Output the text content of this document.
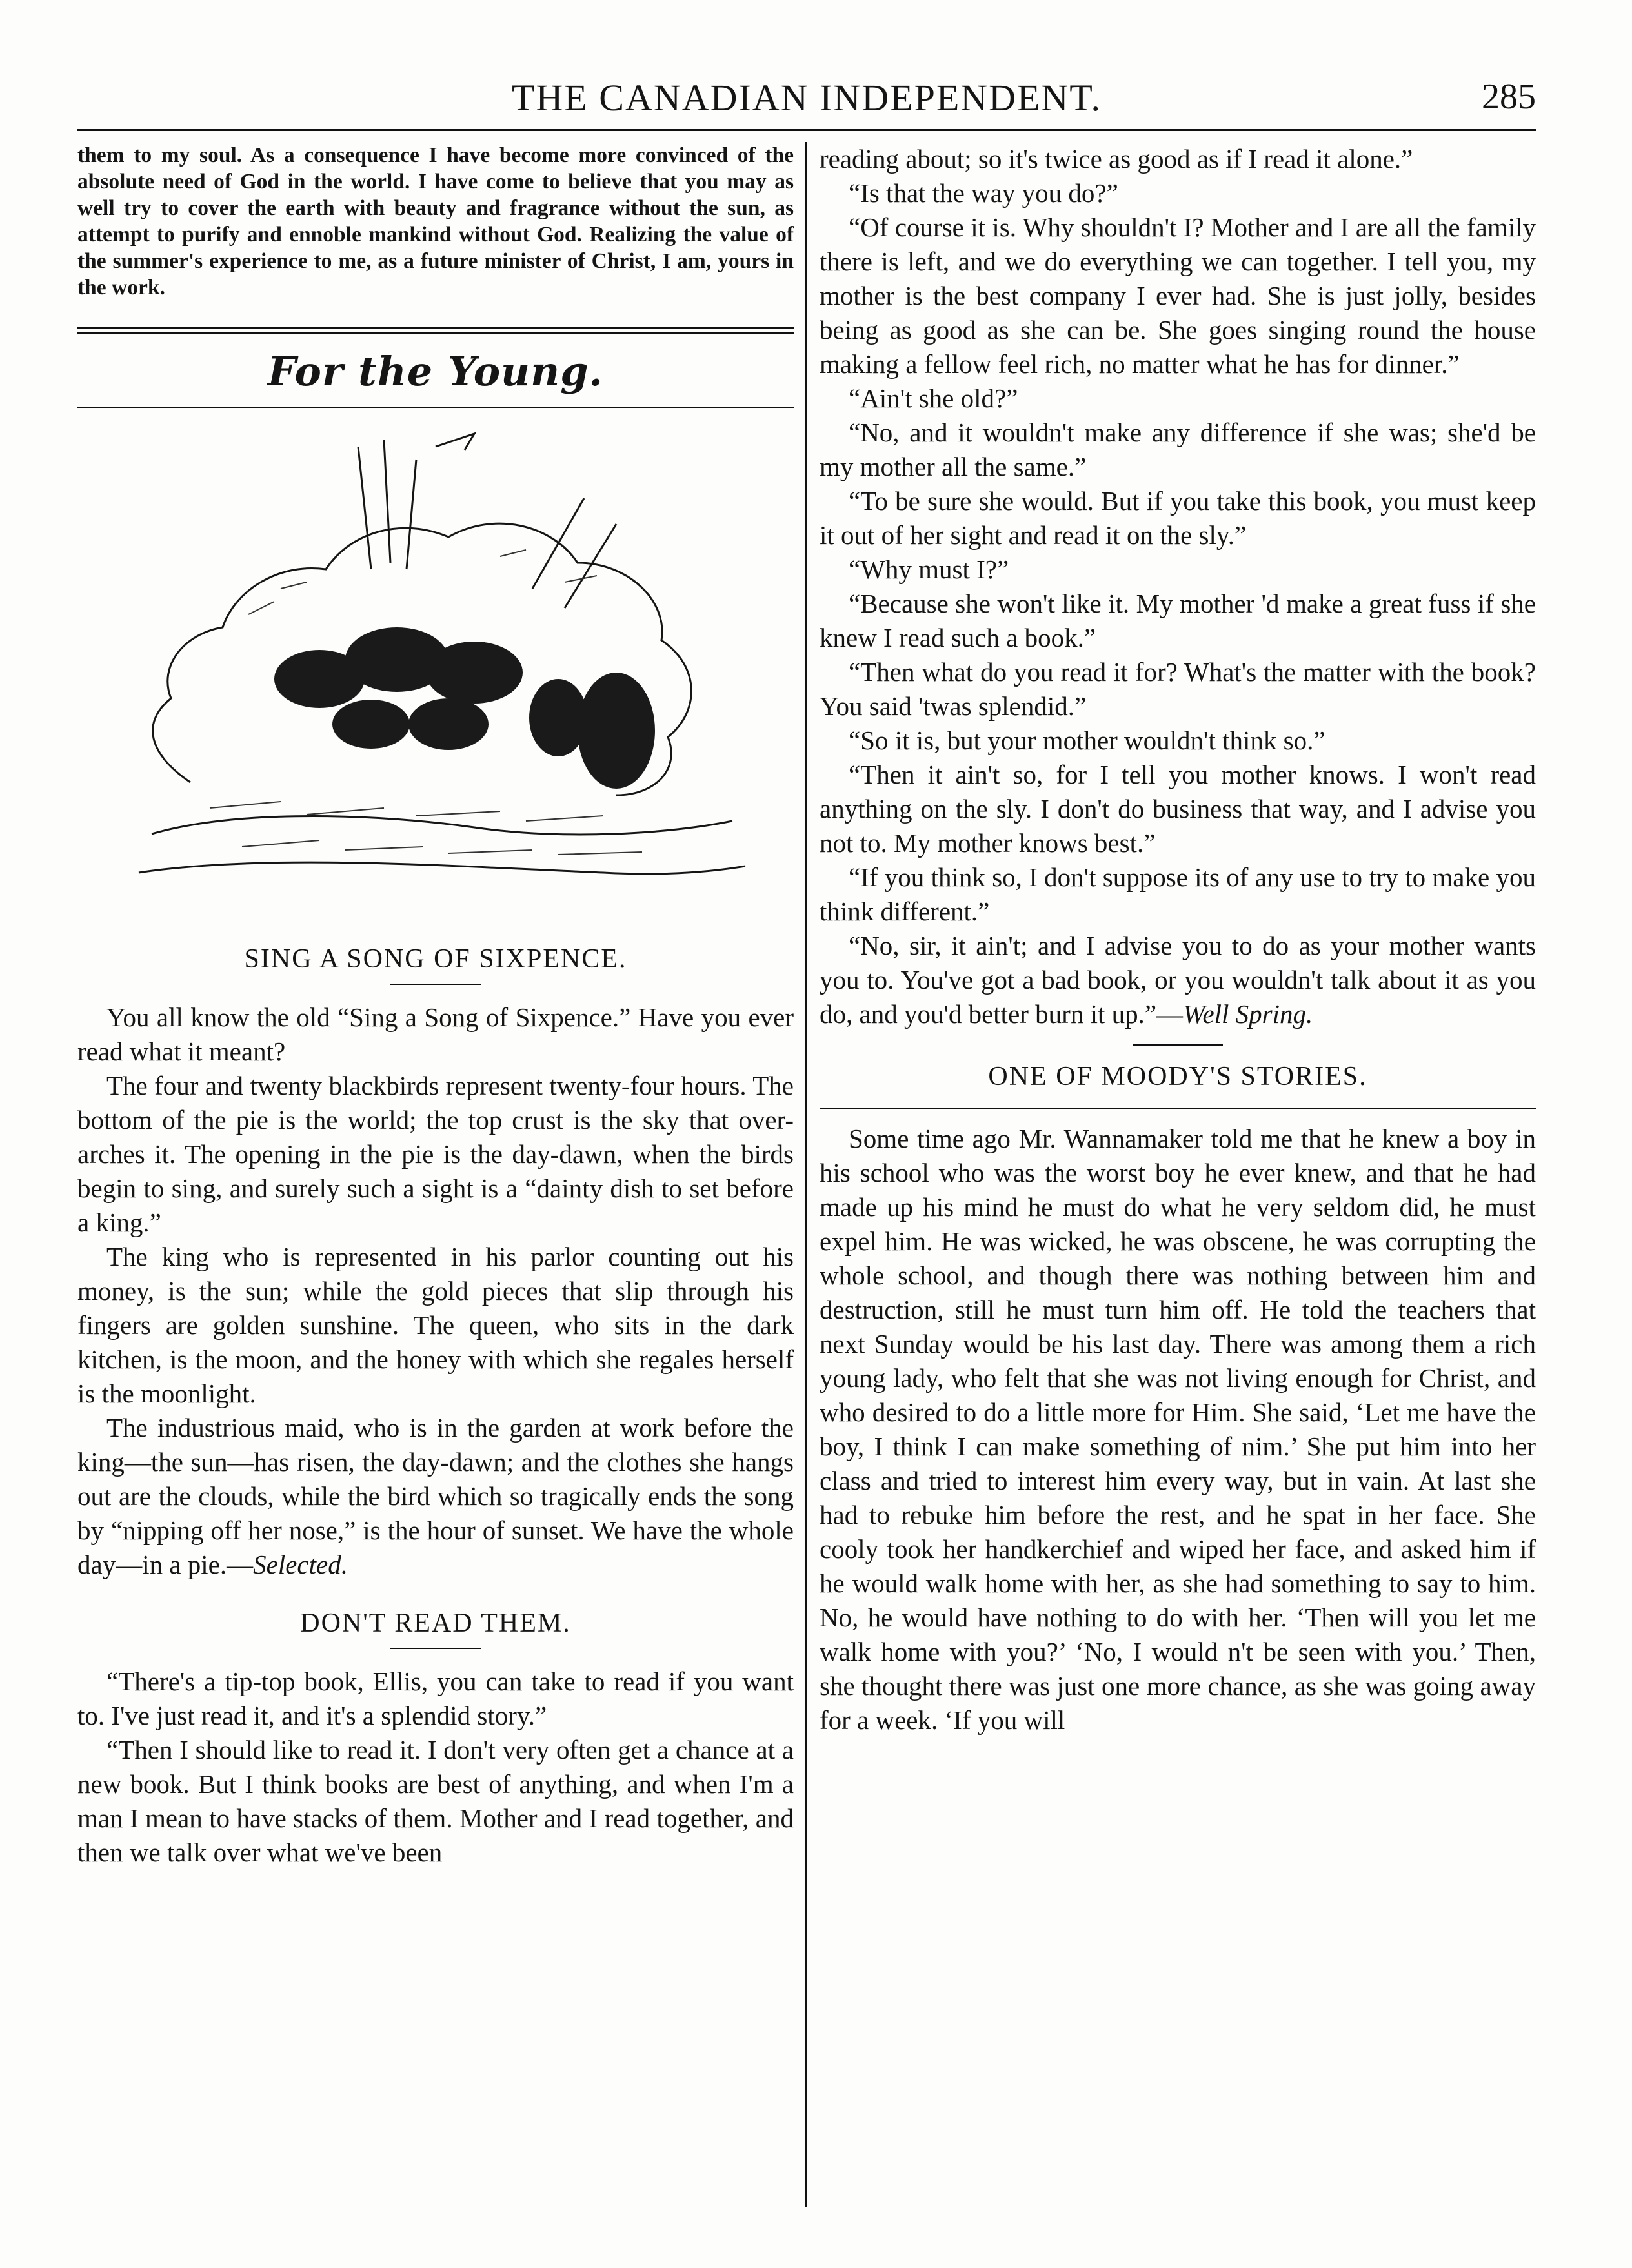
THE CANADIAN INDEPENDENT.	285

them to my soul. As a consequence I have become more convinced of the absolute need of God in the world. I have come to believe that you may as well try to cover the earth with beauty and fragrance without the sun, as attempt to purify and ennoble mankind without God. Realizing the value of the summer's experience to me, as a future minister of Christ, I am, yours in the work.

For the Young.
SING A SONG OF SIXPENCE.

You all know the old “Sing a Song of Sixpence.” Have you ever read what it meant?

The four and twenty blackbirds represent twenty-four hours. The bottom of the pie is the world; the top crust is the sky that over-arches it. The opening in the pie is the day-dawn, when the birds begin to sing, and surely such a sight is a “dainty dish to set before a king.”

The king who is represented in his parlor counting out his money, is the sun; while the gold pieces that slip through his fingers are golden sunshine. The queen, who sits in the dark kitchen, is the moon, and the honey with which she regales herself is the moonlight.

The industrious maid, who is in the garden at work before the king—the sun—has risen, the day-dawn; and the clothes she hangs out are the clouds, while the bird which so tragically ends the song by “nipping off her nose,” is the hour of sunset. We have the whole day—in a pie.—Selected.

DON'T READ THEM.

“There's a tip-top book, Ellis, you can take to read if you want to. I've just read it, and it's a splendid story.”

“Then I should like to read it. I don't very often get a chance at a new book. But I think books are best of anything, and when I'm a man I mean to have stacks of them. Mother and I read together, and then we talk over what we've been

reading about; so it's twice as good as if I read it alone.”

“Is that the way you do?”

“Of course it is. Why shouldn't I? Mother and I are all the family there is left, and we do everything we can together. I tell you, my mother is the best company I ever had. She is just jolly, besides being as good as she can be. She goes singing round the house making a fellow feel rich, no matter what he has for dinner.”

“Ain't she old?”

“No, and it wouldn't make any difference if she was; she'd be my mother all the same.”

“To be sure she would. But if you take this book, you must keep it out of her sight and read it on the sly.”

“Why must I?”

“Because she won't like it. My mother 'd make a great fuss if she knew I read such a book.”

“Then what do you read it for? What's the matter with the book? You said 'twas splendid.”

“So it is, but your mother wouldn't think so.”

“Then it ain't so, for I tell you mother knows. I won't read anything on the sly. I don't do business that way, and I advise you not to. My mother knows best.”

“If you think so, I don't suppose its of any use to try to make you think different.”

“No, sir, it ain't; and I advise you to do as your mother wants you to. You've got a bad book, or you wouldn't talk about it as you do, and you'd better burn it up.”—Well Spring.

ONE OF MOODY'S STORIES.

Some time ago Mr. Wannamaker told me that he knew a boy in his school who was the worst boy he ever knew, and that he had made up his mind he must do what he very seldom did, he must expel him. He was wicked, he was obscene, he was corrupting the whole school, and though there was nothing between him and destruction, still he must turn him off. He told the teachers that next Sunday would be his last day. There was among them a rich young lady, who felt that she was not living enough for Christ, and who desired to do a little more for Him. She said, ‘Let me have the boy, I think I can make something of nim.’ She put him into her class and tried to interest him every way, but in vain. At last she had to rebuke him before the rest, and he spat in her face. She cooly took her handkerchief and wiped her face, and asked him if he would walk home with her, as she had something to say to him. No, he would have nothing to do with her. ‘Then will you let me walk home with you?’ ‘No, I would n't be seen with you.’ Then, she thought there was just one more chance, as she was going away for a week. ‘If you will
